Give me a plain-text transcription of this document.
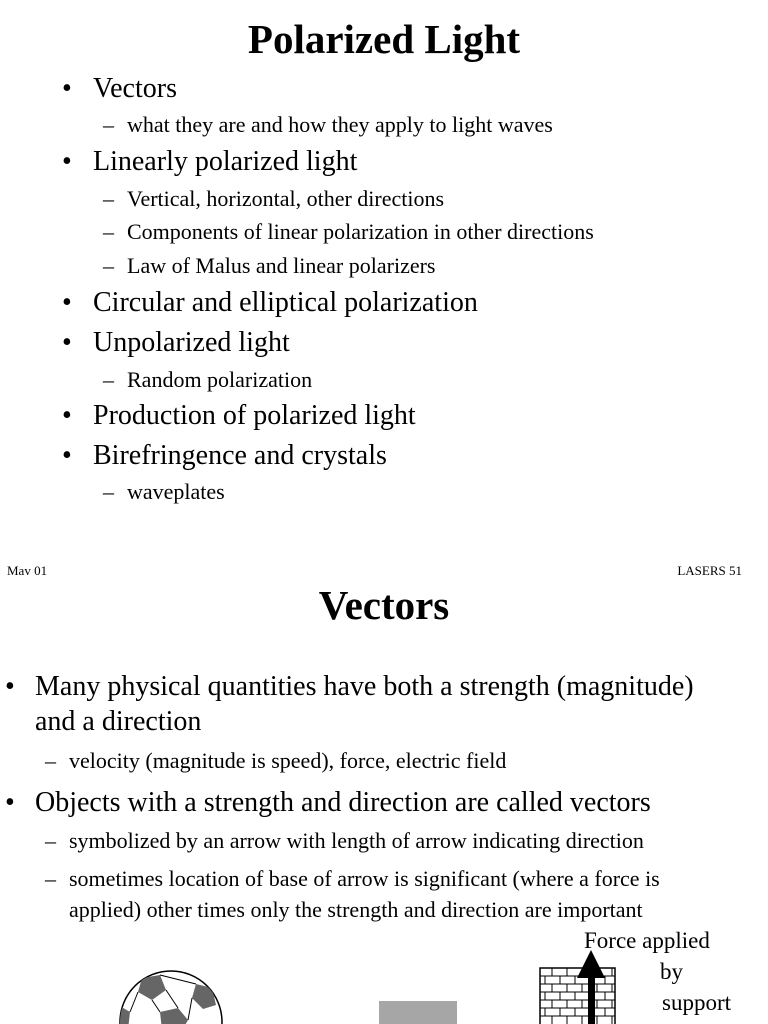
Polarized Light
• Vectors
– what they are and how they apply to light waves
• Linearly polarized light
– Vertical, horizontal, other directions
– Components of linear polarization in other directions
– Law of Malus and linear polarizers
• Circular and elliptical polarization
• Unpolarized light
– Random polarization
• Production of polarized light
• Birefringence and crystals
– waveplates
Mav 01	LASERS 51
Vectors
• Many physical quantities have both a strength (magnitude)
and a direction
– velocity (magnitude is speed), force, electric field
• Objects with a strength and direction are called vectors
– symbolized by an arrow with length of arrow indicating direction
– sometimes location of base of arrow is significant (where a force is
applied) other times only the strength and direction are important
Force applied
by
support
